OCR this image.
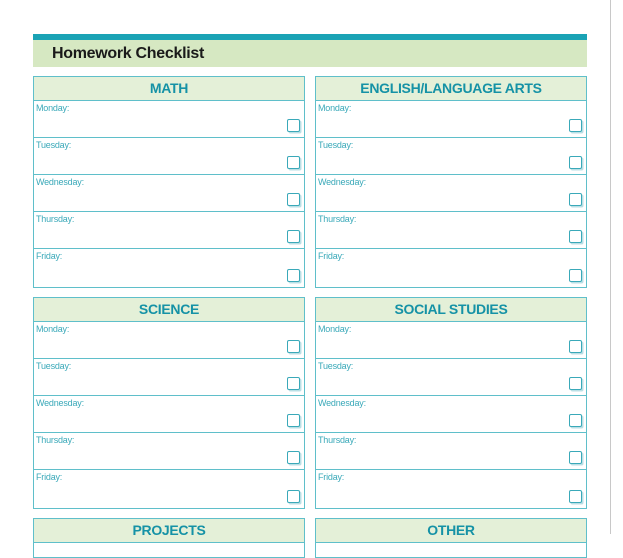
Homework Checklist
MATH
Monday:
Tuesday:
Wednesday:
Thursday:
Friday:
ENGLISH/LANGUAGE ARTS
Monday:
Tuesday:
Wednesday:
Thursday:
Friday:
SCIENCE
Monday:
Tuesday:
Wednesday:
Thursday:
Friday:
SOCIAL STUDIES
Monday:
Tuesday:
Wednesday:
Thursday:
Friday:
PROJECTS	OTHER
